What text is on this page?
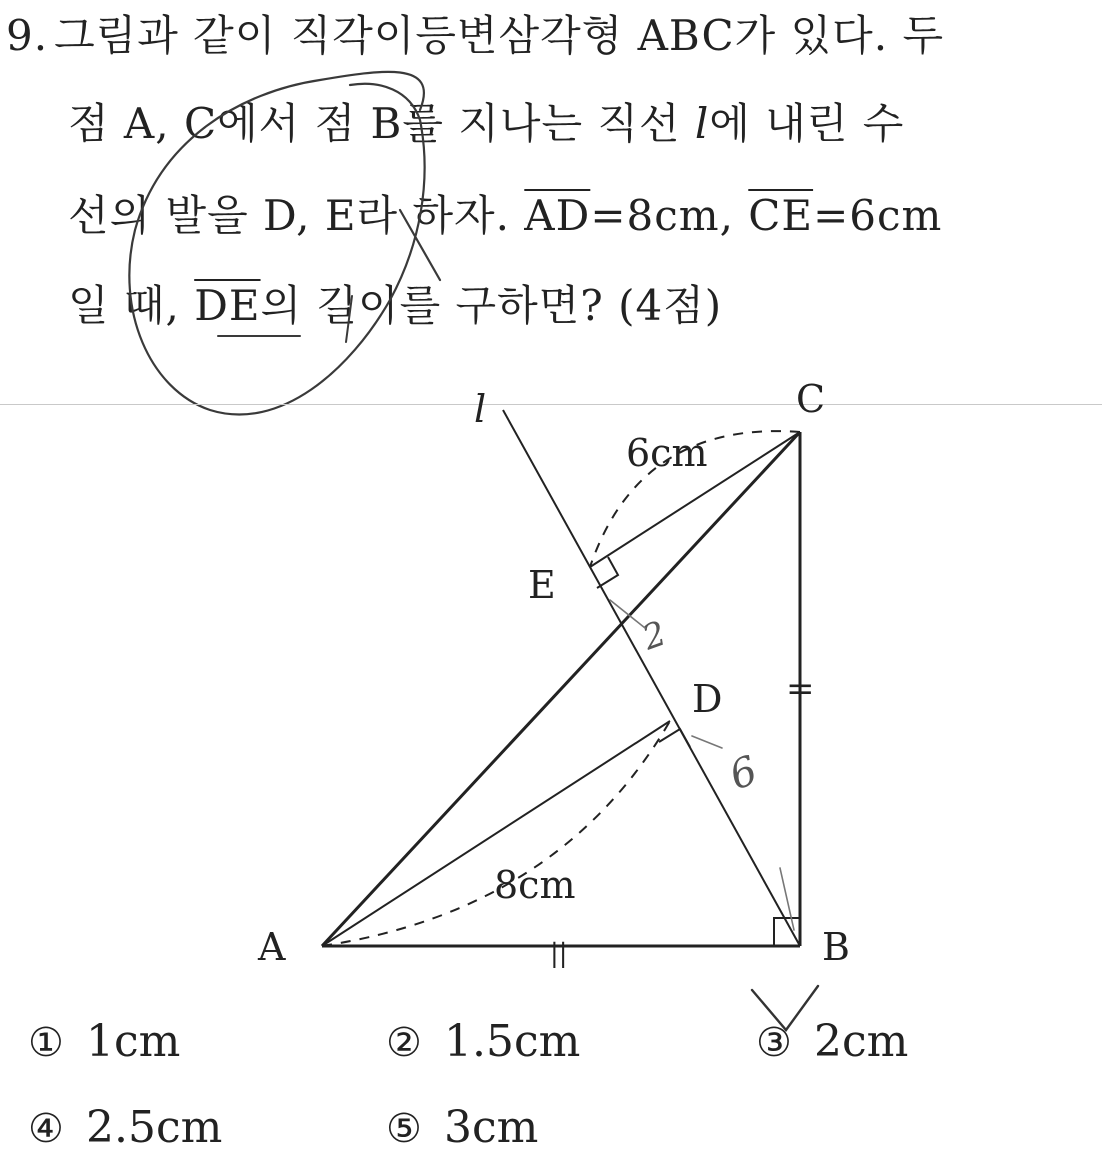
9. 그림과 같이 직각이등변삼각형 ABC가 있다. 두
점 A, C에서 점 B를 지나는 직선 l에 내린 수
선의 발을 D, E라 하자. $\overline{AD}=8cm$, $\overline{CE}=6cm$
일 때, $\overline{DE}$의 길이를 구하면? (4점)
A	B
C
D
E
l
6cm
8cm
=
||
2
6
① 1cm	② 1.5cm	③ 2cm
④ 2.5cm	⑤ 3cm
